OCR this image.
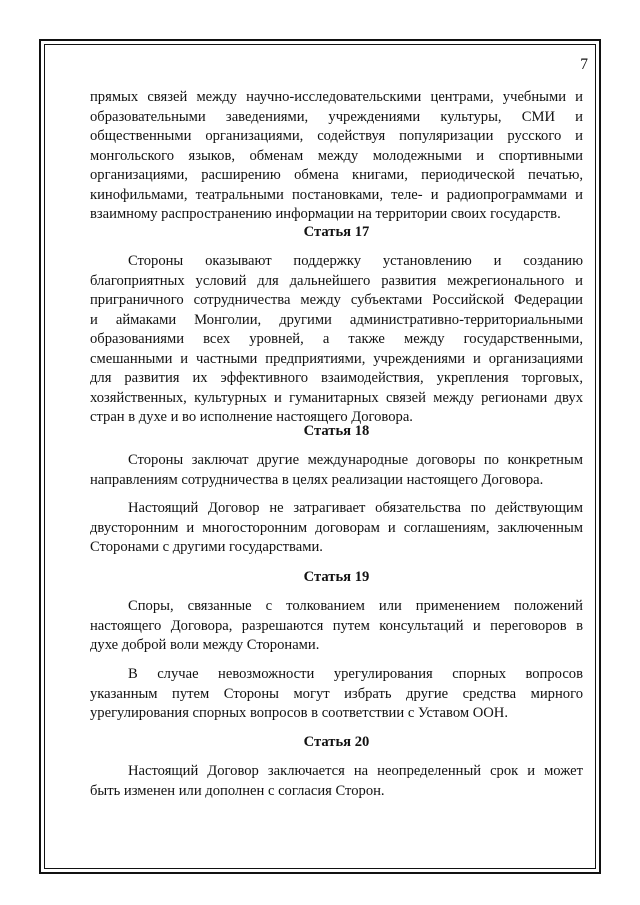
7
прямых связей между научно-исследовательскими центрами, учебными и
образовательными заведениями, учреждениями культуры, СМИ и
общественными организациями, содействуя популяризации русского и
монгольского языков, обменам между молодежными и спортивными
организациями, расширению обмена книгами, периодической печатью,
кинофильмами, театральными постановками, теле- и радиопрограммами и
взаимному распространению информации на территории своих государств.
Статья 17
Стороны оказывают поддержку установлению и созданию
благоприятных условий для дальнейшего развития межрегионального и
приграничного сотрудничества между субъектами Российской Федерации
и аймаками Монголии, другими административно-территориальными
образованиями всех уровней, а также между государственными,
смешанными и частными предприятиями, учреждениями и организациями
для развития их эффективного взаимодействия, укрепления торговых,
хозяйственных, культурных и гуманитарных связей между регионами двух
стран в духе и во исполнение настоящего Договора.
Статья 18
Стороны заключат другие международные договоры по конкретным
направлениям сотрудничества в целях реализации настоящего Договора.
Настоящий Договор не затрагивает обязательства по действующим
двусторонним и многосторонним договорам и соглашениям, заключенным
Сторонами с другими государствами.
Статья 19
Споры, связанные с толкованием или применением положений
настоящего Договора, разрешаются путем консультаций и переговоров в
духе доброй воли между Сторонами.
В случае невозможности урегулирования спорных вопросов
указанным путем Стороны могут избрать другие средства мирного
урегулирования спорных вопросов в соответствии с Уставом ООН.
Статья 20
Настоящий Договор заключается на неопределенный срок и может
быть изменен или дополнен с согласия Сторон.
